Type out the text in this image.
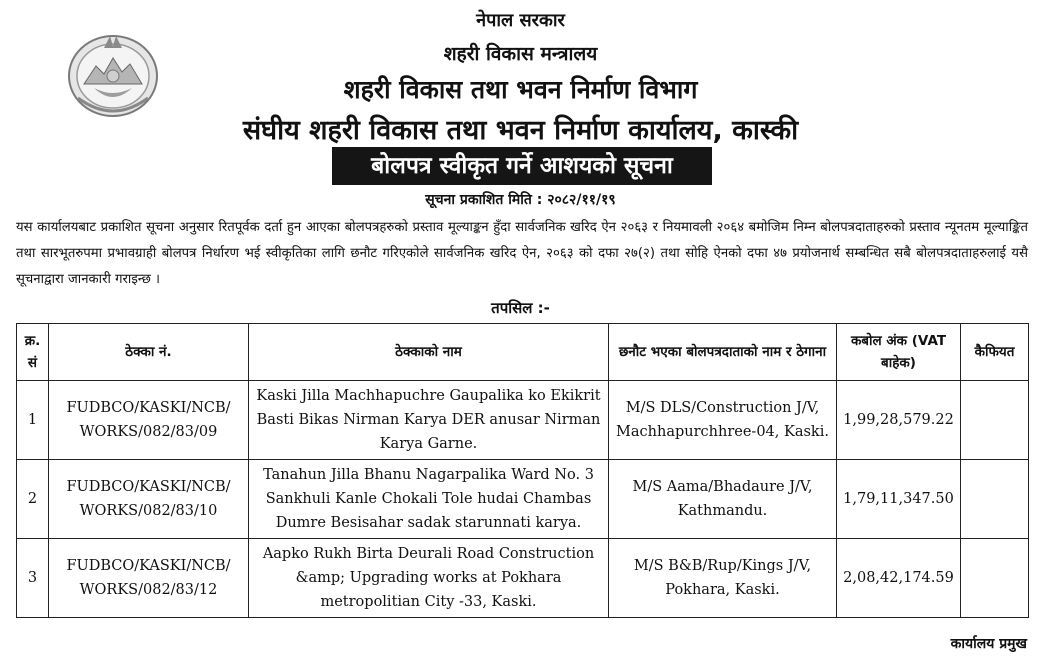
नेपाल सरकार
शहरी विकास मन्त्रालय
शहरी विकास तथा भवन निर्माण विभाग
संघीय शहरी विकास तथा भवन निर्माण कार्यालय, कास्की
बोलपत्र स्वीकृत गर्ने आशयको सूचना
सूचना प्रकाशित मिति : २०८२/११/१९
यस कार्यालयबाट प्रकाशित सूचना अनुसार रितपूर्वक दर्ता हुन आएका बोलपत्रहरुको प्रस्ताव मूल्याङ्कन हुँदा सार्वजनिक खरिद ऐन २०६३ र नियमावली २०६४ बमोजिम निम्न बोलपत्रदाताहरुको प्रस्ताव न्यूनतम मूल्याङ्कित तथा सारभूतरुपमा प्रभावग्राही बोलपत्र निर्धारण भई स्वीकृतिका लागि छनौट गरिएकोले सार्वजनिक खरिद ऐन, २०६३ को दफा २७(२) तथा सोहि ऐनको दफा ४७ प्रयोजनार्थ सम्बन्धित सबै बोलपत्रदाताहरुलाई यसै सूचनाद्वारा जानकारी गराइन्छ ।
तपसिल :-
क्र. सं	ठेक्का नं.	ठेक्काको नाम	छनौट भएका बोलपत्रदाताको नाम र ठेगाना	कबोल अंक (VAT बाहेक)	कैफियत
1	FUDBCO/KASKI/NCB/ WORKS/082/83/09	Kaski Jilla Machhapuchre Gaupalika ko Ekikrit Basti Bikas Nirman Karya DER anusar Nirman Karya Garne.	M/S DLS/Construction J/V, Machhapurchhree-04, Kaski.	1,99,28,579.22	
2	FUDBCO/KASKI/NCB/ WORKS/082/83/10	Tanahun Jilla Bhanu Nagarpalika Ward No. 3 Sankhuli Kanle Chokali Tole hudai Chambas Dumre Besisahar sadak starunnati karya.	M/S Aama/Bhadaure J/V, Kathmandu.	1,79,11,347.50	
3	FUDBCO/KASKI/NCB/ WORKS/082/83/12	Aapko Rukh Birta Deurali Road Construction &amp; Upgrading works at Pokhara metropolitian City -33, Kaski.	M/S B&B/Rup/Kings J/V, Pokhara, Kaski.	2,08,42,174.59	
कार्यालय प्रमुख
